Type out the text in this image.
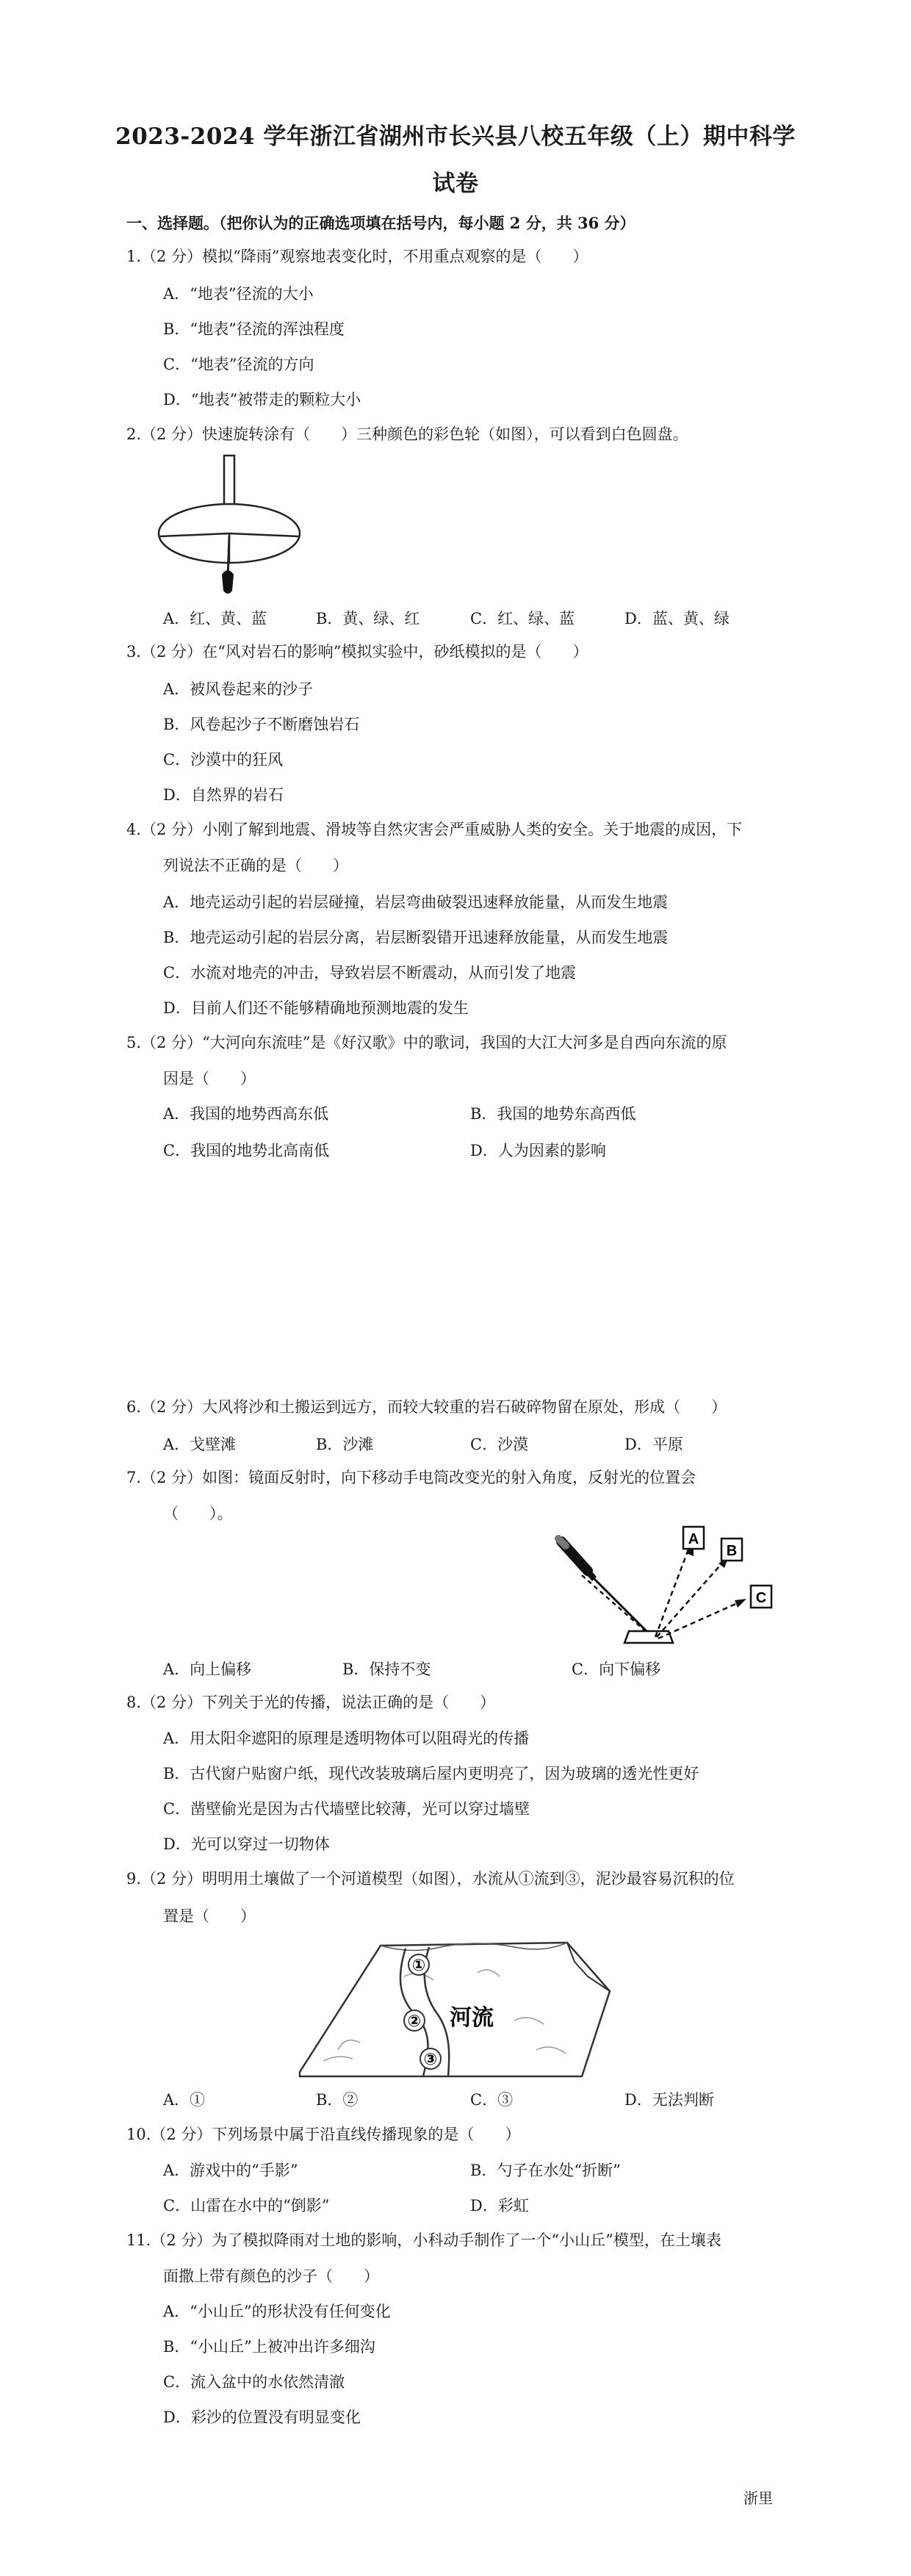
2023-2024 学年浙江省湖州市长兴县八校五年级（上）期中科学
试卷
一、选择题。（把你认为的正确选项填在括号内，每小题 2 分，共 36 分）
1.（2 分）模拟“降雨”观察地表变化时，不用重点观察的是（　　）
A．“地表”径流的大小
B．“地表”径流的浑浊程度
C．“地表”径流的方向
D．“地表”被带走的颗粒大小
2.（2 分）快速旋转涂有（　　）三种颜色的彩色轮（如图），可以看到白色圆盘。
A．红、黄、蓝	B．黄、绿、红	C．红、绿、蓝	D．蓝、黄、绿
3.（2 分）在“风对岩石的影响”模拟实验中，砂纸模拟的是（　　）
A．被风卷起来的沙子
B．风卷起沙子不断磨蚀岩石
C．沙漠中的狂风
D．自然界的岩石
4.（2 分）小刚了解到地震、滑坡等自然灾害会严重威胁人类的安全。关于地震的成因，下
列说法不正确的是（　　）
A．地壳运动引起的岩层碰撞，岩层弯曲破裂迅速释放能量，从而发生地震
B．地壳运动引起的岩层分离，岩层断裂错开迅速释放能量，从而发生地震
C．水流对地壳的冲击，导致岩层不断震动，从而引发了地震
D．目前人们还不能够精确地预测地震的发生
5.（2 分）“大河向东流哇”是《好汉歌》中的歌词，我国的大江大河多是自西向东流的原
因是（　　）
A．我国的地势西高东低	B．我国的地势东高西低
C．我国的地势北高南低	D．人为因素的影响
6.（2 分）大风将沙和土搬运到远方，而较大较重的岩石破碎物留在原处，形成（　　）
A．戈壁滩	B．沙滩	C．沙漠	D．平原
7.（2 分）如图：镜面反射时，向下移动手电筒改变光的射入角度，反射光的位置会
（　　）。
A
B
C
A．向上偏移	B．保持不变	C．向下偏移
8.（2 分）下列关于光的传播，说法正确的是（　　）
A．用太阳伞遮阳的原理是透明物体可以阻碍光的传播
B．古代窗户贴窗户纸，现代改装玻璃后屋内更明亮了，因为玻璃的透光性更好
C．凿壁偷光是因为古代墙壁比较薄，光可以穿过墙壁
D．光可以穿过一切物体
9.（2 分）明明用土壤做了一个河道模型（如图），水流从①流到③，泥沙最容易沉积的位
置是（　　）
①
②
③
河流
A．①	B．②	C．③	D．无法判断
10.（2 分）下列场景中属于沿直线传播现象的是（　　）
A．游戏中的“手影”	B．勺子在水处“折断”
C．山雷在水中的“倒影”	D．彩虹
11.（2 分）为了模拟降雨对土地的影响，小科动手制作了一个“小山丘”模型，在土壤表
面撒上带有颜色的沙子（　　）
A．“小山丘”的形状没有任何变化
B．“小山丘”上被冲出许多细沟
C．流入盆中的水依然清澈
D．彩沙的位置没有明显变化
浙里
